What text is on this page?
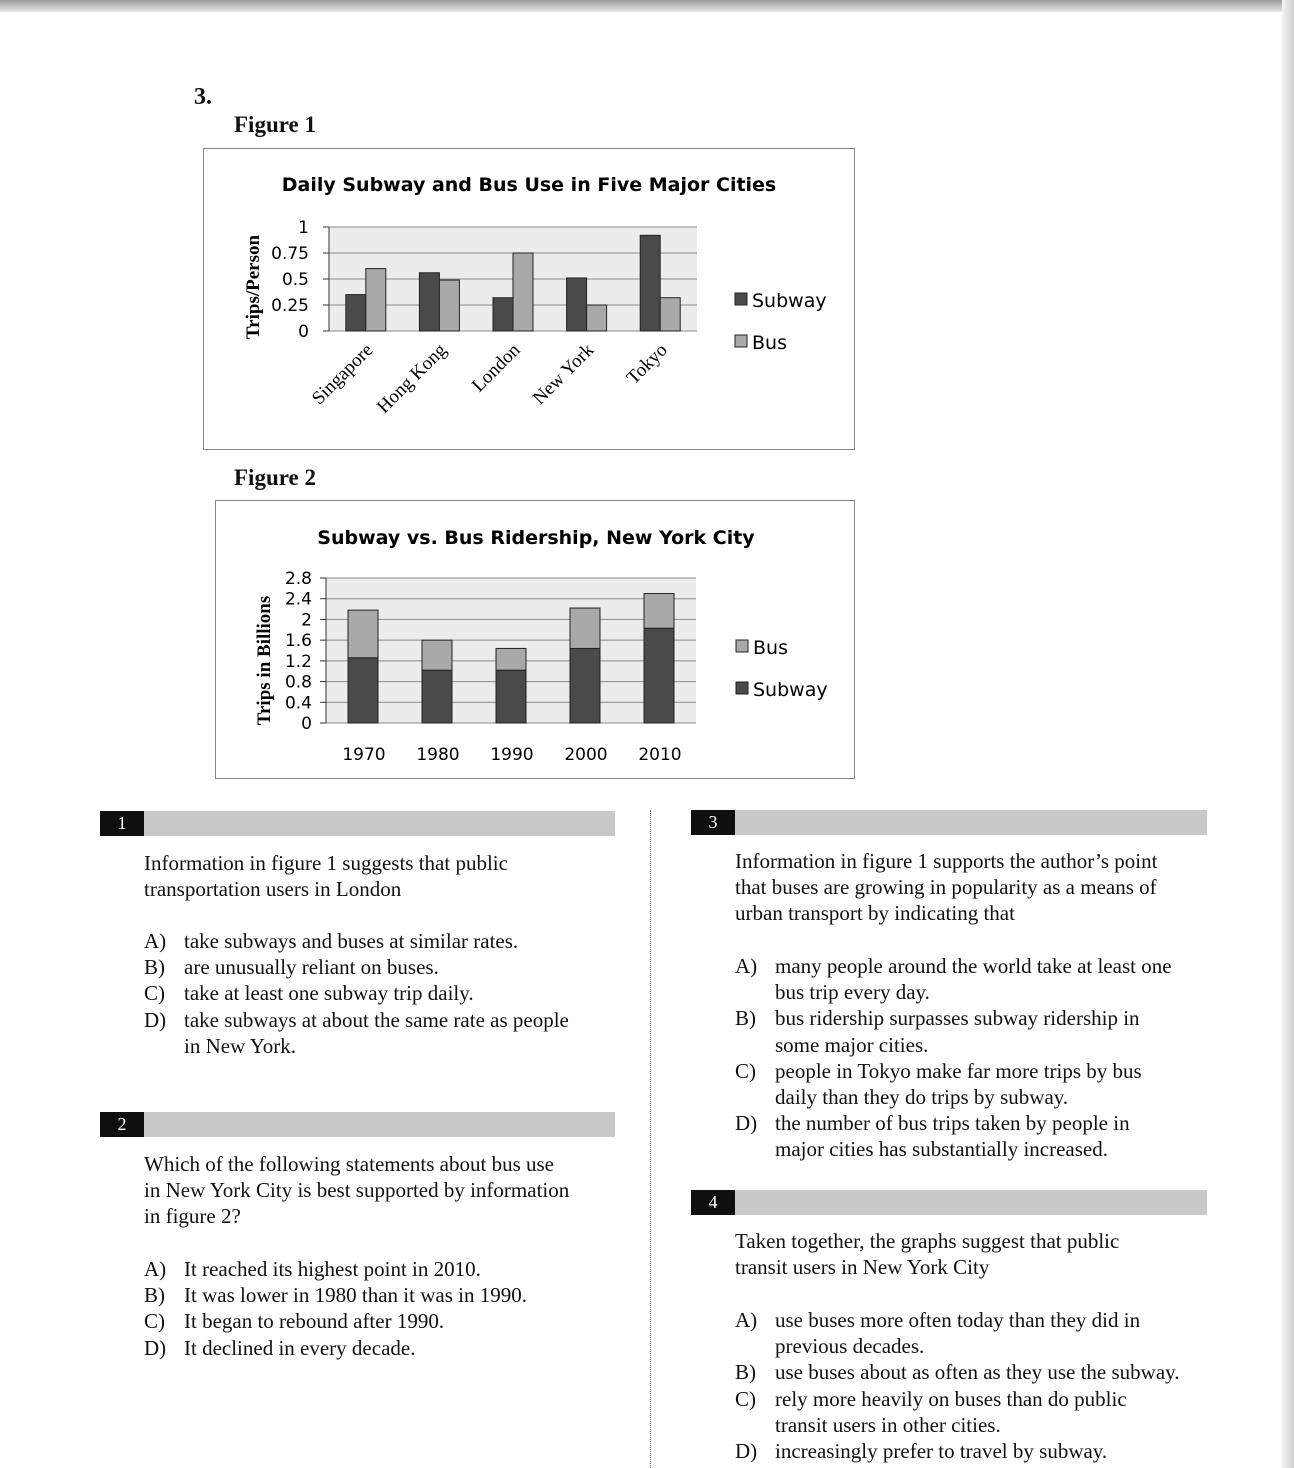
3.
Figure 1
Daily Subway and Bus Use in Five Major Cities
1
0.75
0.5
0.25
0
Singapore
Hong Kong London New York Tokyo
Trips/Person	Subway
Bus
Figure 2
Subway vs. Bus Ridership, New York City
2.8
2.4
2
1.6
1.2
0.8
0.4
0
1970 1980 1990 2000 2010
Trips in Billions	Bus
Subway
1
Information in figure 1 suggests that public
transportation users in London
A) take subways and buses at similar rates.
B) are unusually reliant on buses.
C) take at least one subway trip daily.
D) take subways at about the same rate as people
in New York.
2
Which of the following statements about bus use
in New York City is best supported by information
in figure 2?
A) It reached its highest point in 2010.
B) It was lower in 1980 than it was in 1990.
C) It began to rebound after 1990.
D) It declined in every decade.
3
Information in figure 1 supports the author’s point
that buses are growing in popularity as a means of
urban transport by indicating that
A) many people around the world take at least one
bus trip every day.
B) bus ridership surpasses subway ridership in
some major cities.
C) people in Tokyo make far more trips by bus
daily than they do trips by subway.
D) the number of bus trips taken by people in
major cities has substantially increased.
4
Taken together, the graphs suggest that public
transit users in New York City
A) use buses more often today than they did in
previous decades.
B) use buses about as often as they use the subway.
C) rely more heavily on buses than do public
transit users in other cities.
D) increasingly prefer to travel by subway.
